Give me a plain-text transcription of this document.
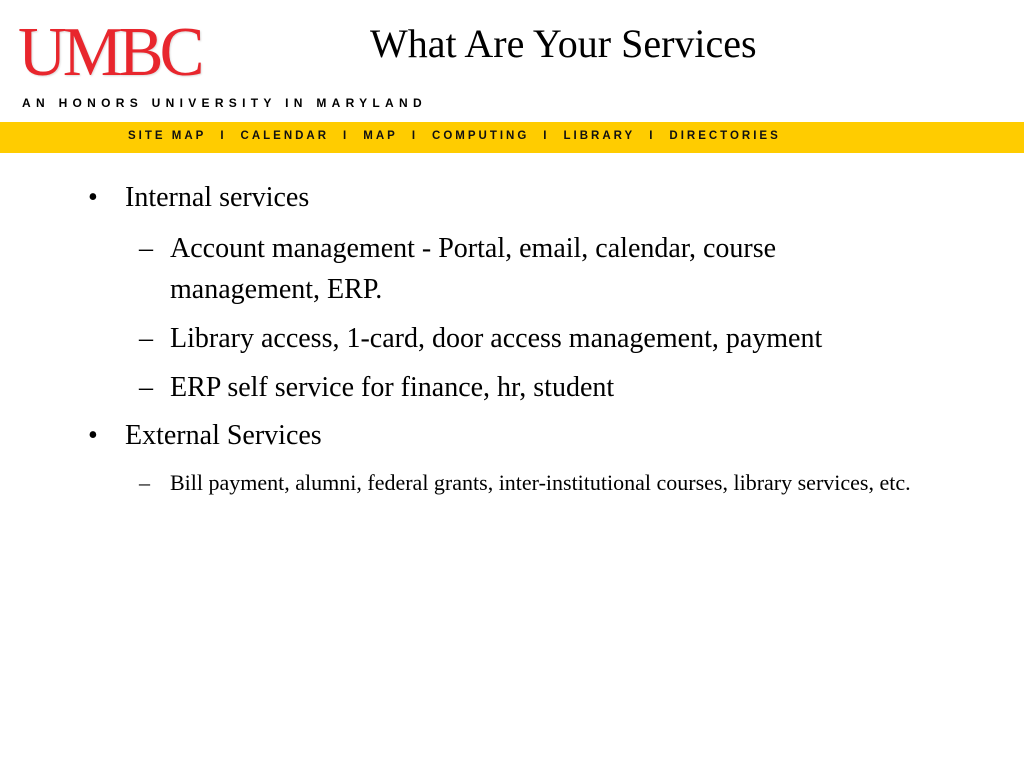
UMBC
AN HONORS UNIVERSITY IN MARYLAND
SITE MAP I CALENDAR I MAP I COMPUTING I LIBRARY I DIRECTORIES
What Are Your Services
• Internal services
– Account management - Portal, email, calendar, course management, ERP.
– Library access, 1-card, door access management, payment
– ERP self service for finance, hr, student
• External Services
– Bill payment, alumni, federal grants, inter-institutional courses, library services, etc.
